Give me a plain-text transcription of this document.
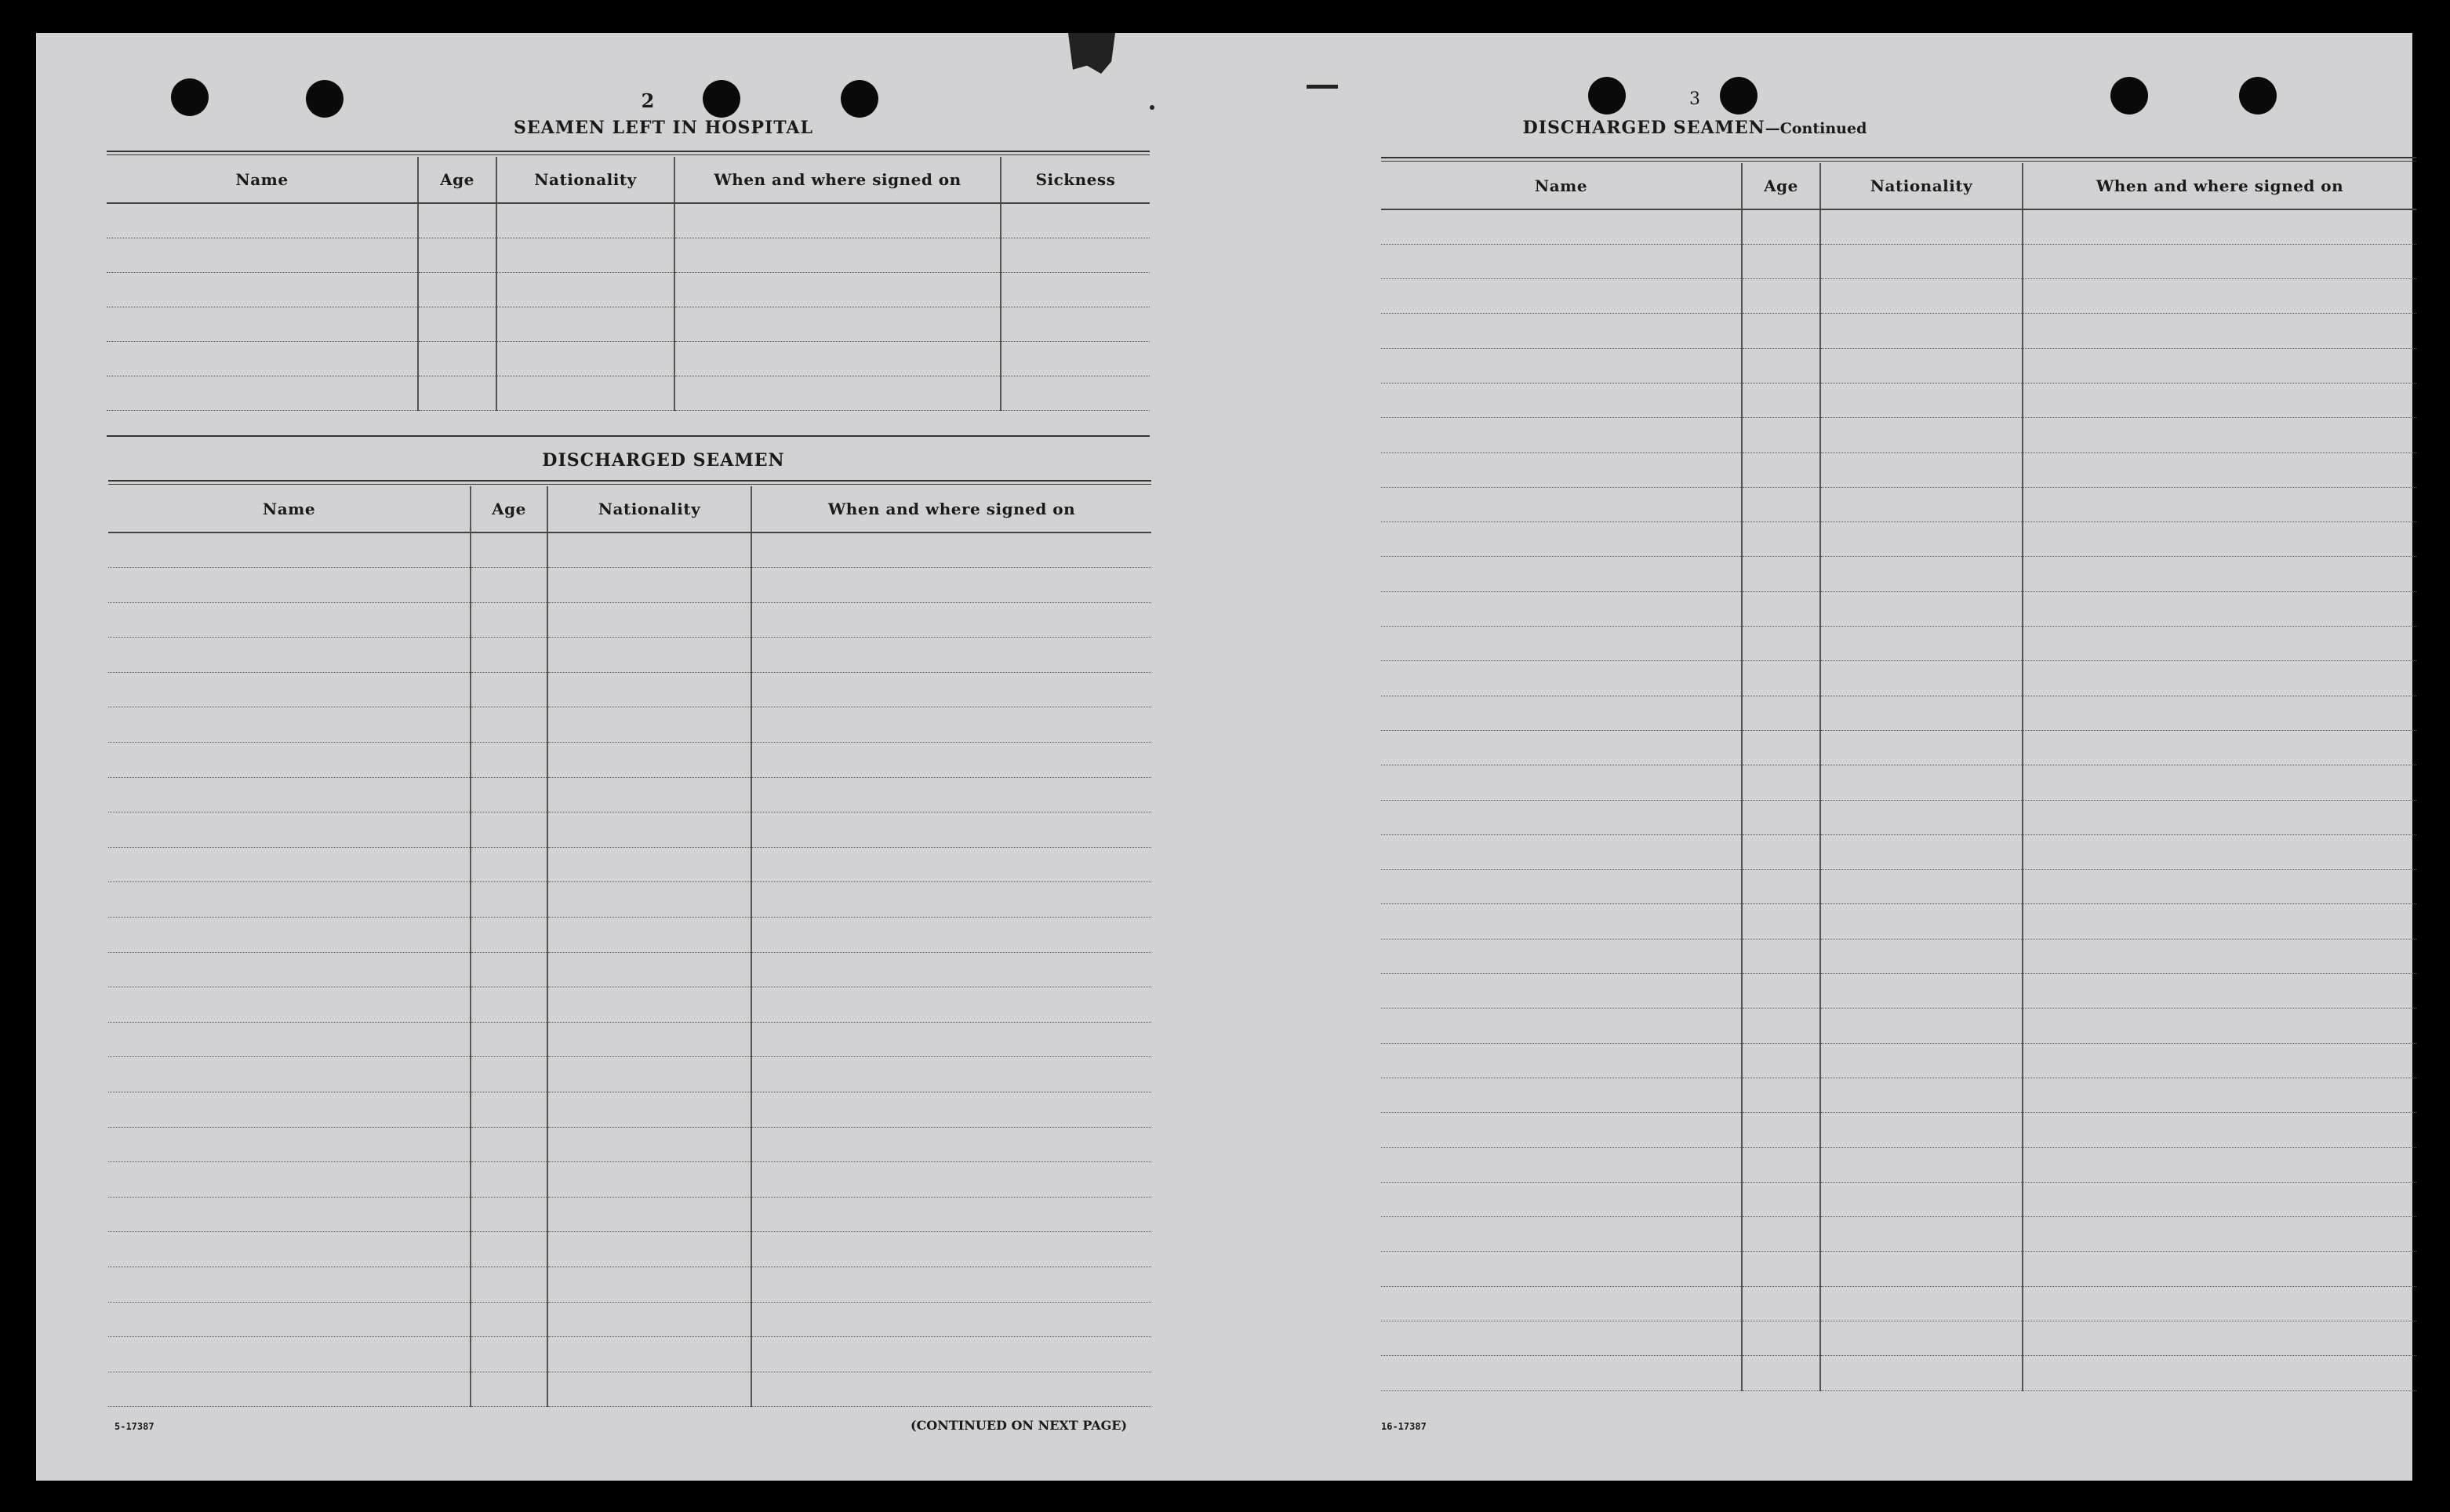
2
SEAMEN LEFT IN HOSPITAL
Name	Age	Nationality	When and where signed on	Sickness

DISCHARGED SEAMEN
Name	Age	Nationality	When and where signed on

5-17387	(CONTINUED ON NEXT PAGE)
3
DISCHARGED SEAMEN—Continued
Name	Age	Nationality	When and where signed on

16-17387
